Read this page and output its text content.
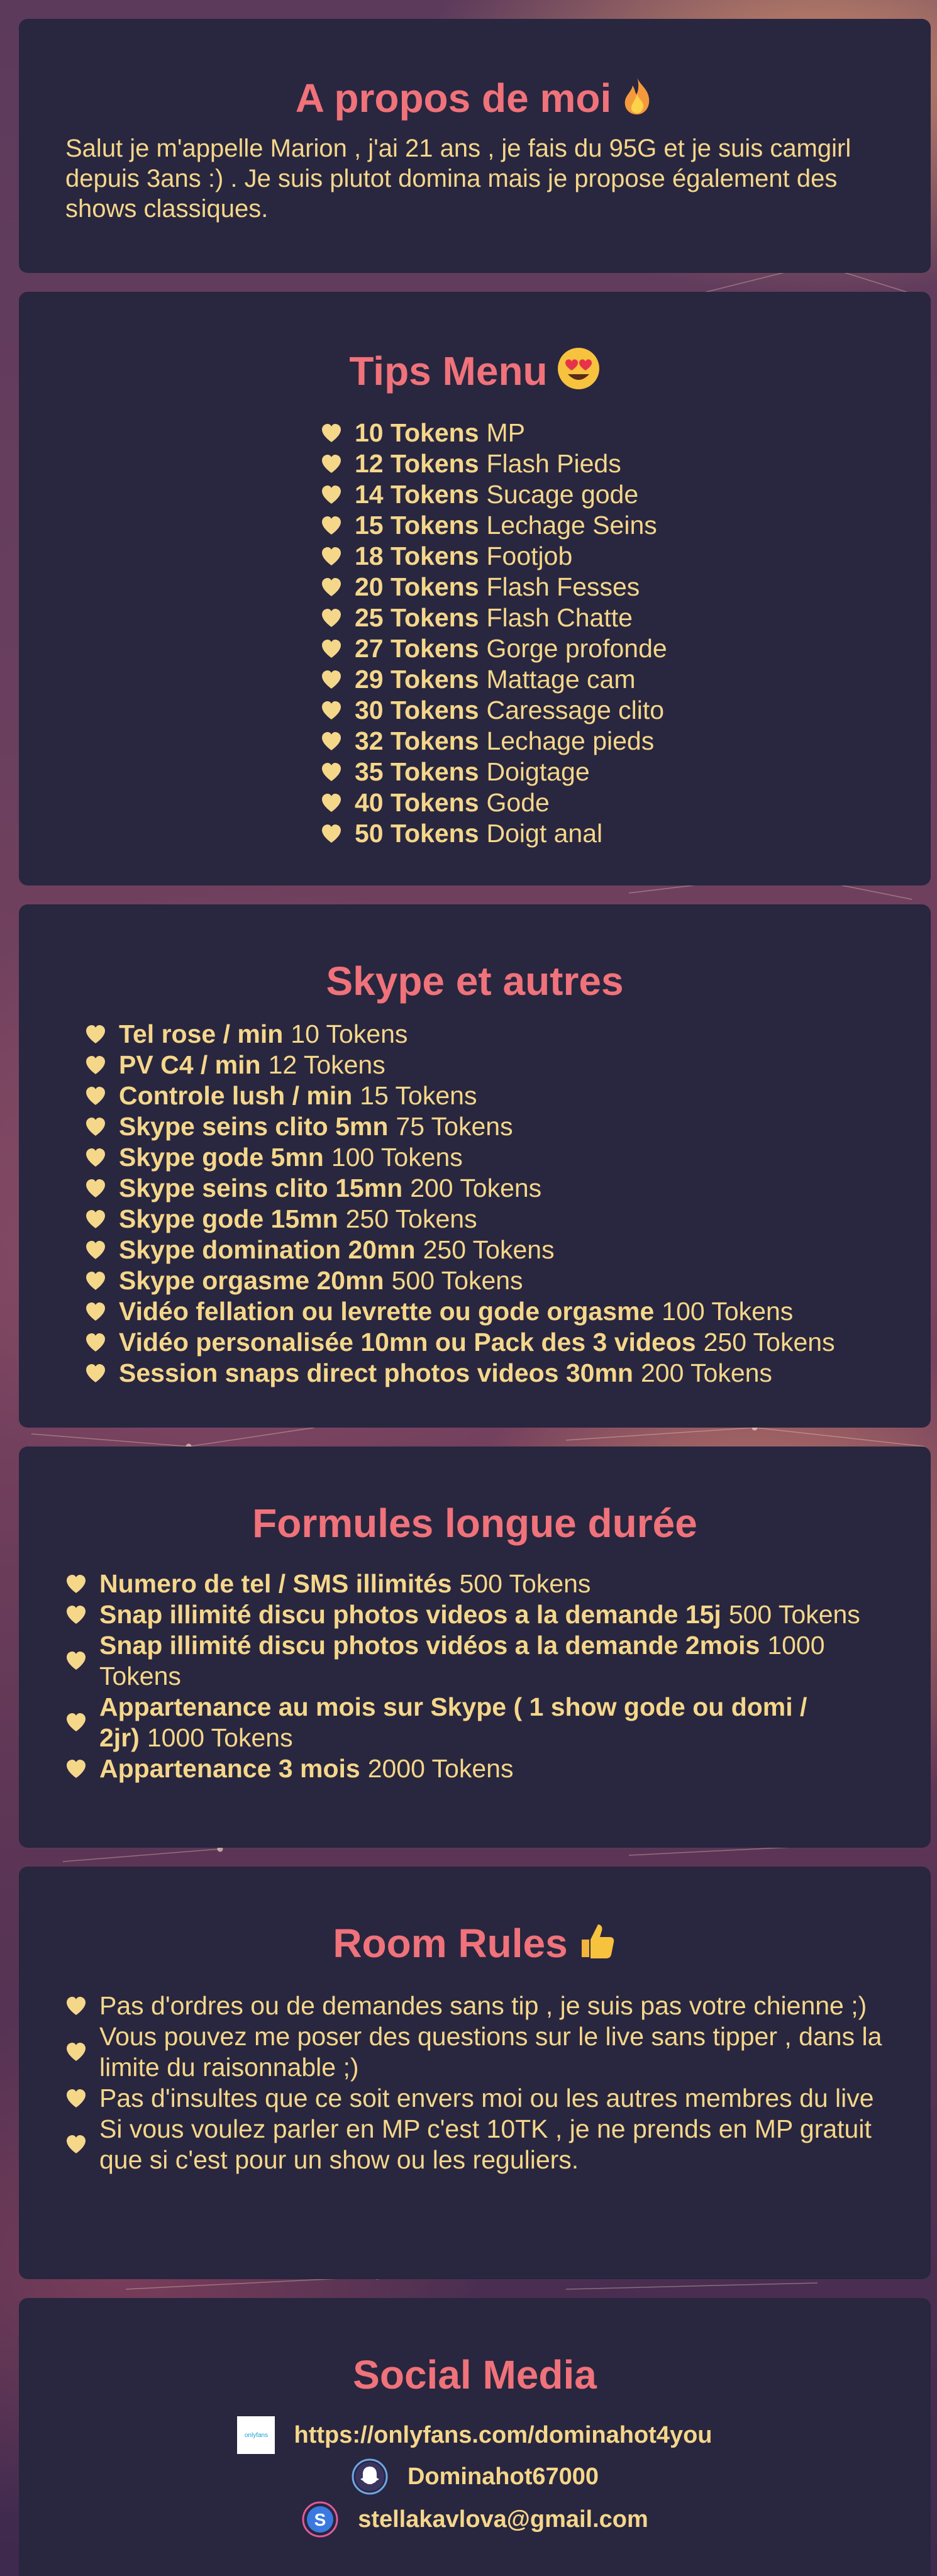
A propos de moi
Salut je m'appelle Marion , j'ai 21 ans , je fais du 95G et je suis camgirl depuis 3ans :) . Je suis plutot domina mais je propose également des shows classiques.
Tips Menu
10 Tokens MP
12 Tokens Flash Pieds
14 Tokens Sucage gode
15 Tokens Lechage Seins
18 Tokens Footjob
20 Tokens Flash Fesses
25 Tokens Flash Chatte
27 Tokens Gorge profonde
29 Tokens Mattage cam
30 Tokens Caressage clito
32 Tokens Lechage pieds
35 Tokens Doigtage
40 Tokens Gode
50 Tokens Doigt anal
Skype et autres
Tel rose / min 10 Tokens
PV C4 / min 12 Tokens
Controle lush / min 15 Tokens
Skype seins clito 5mn 75 Tokens
Skype gode 5mn 100 Tokens
Skype seins clito 15mn 200 Tokens
Skype gode 15mn 250 Tokens
Skype domination 20mn 250 Tokens
Skype orgasme 20mn 500 Tokens
Vidéo fellation ou levrette ou gode orgasme 100 Tokens
Vidéo personalisée 10mn ou Pack des 3 videos 250 Tokens
Session snaps direct photos videos 30mn 200 Tokens
Formules longue durée
Numero de tel / SMS illimités 500 Tokens
Snap illimité discu photos videos a la demande 15j 500 Tokens
Snap illimité discu photos vidéos a la demande 2mois 1000 Tokens
Appartenance au mois sur Skype ( 1 show gode ou domi / 2jr) 1000 Tokens
Appartenance 3 mois 2000 Tokens
Room Rules
Pas d'ordres ou de demandes sans tip , je suis pas votre chienne ;)
Vous pouvez me poser des questions sur le live sans tipper , dans la limite du raisonnable ;)
Pas d'insultes que ce soit envers moi ou les autres membres du live
Si vous voulez parler en MP c'est 10TK , je ne prends en MP gratuit que si c'est pour un show ou les reguliers.
Social Media
onlyfans https://onlyfans.com/dominahot4you
Dominahot67000
S stellakavlova@gmail.com
